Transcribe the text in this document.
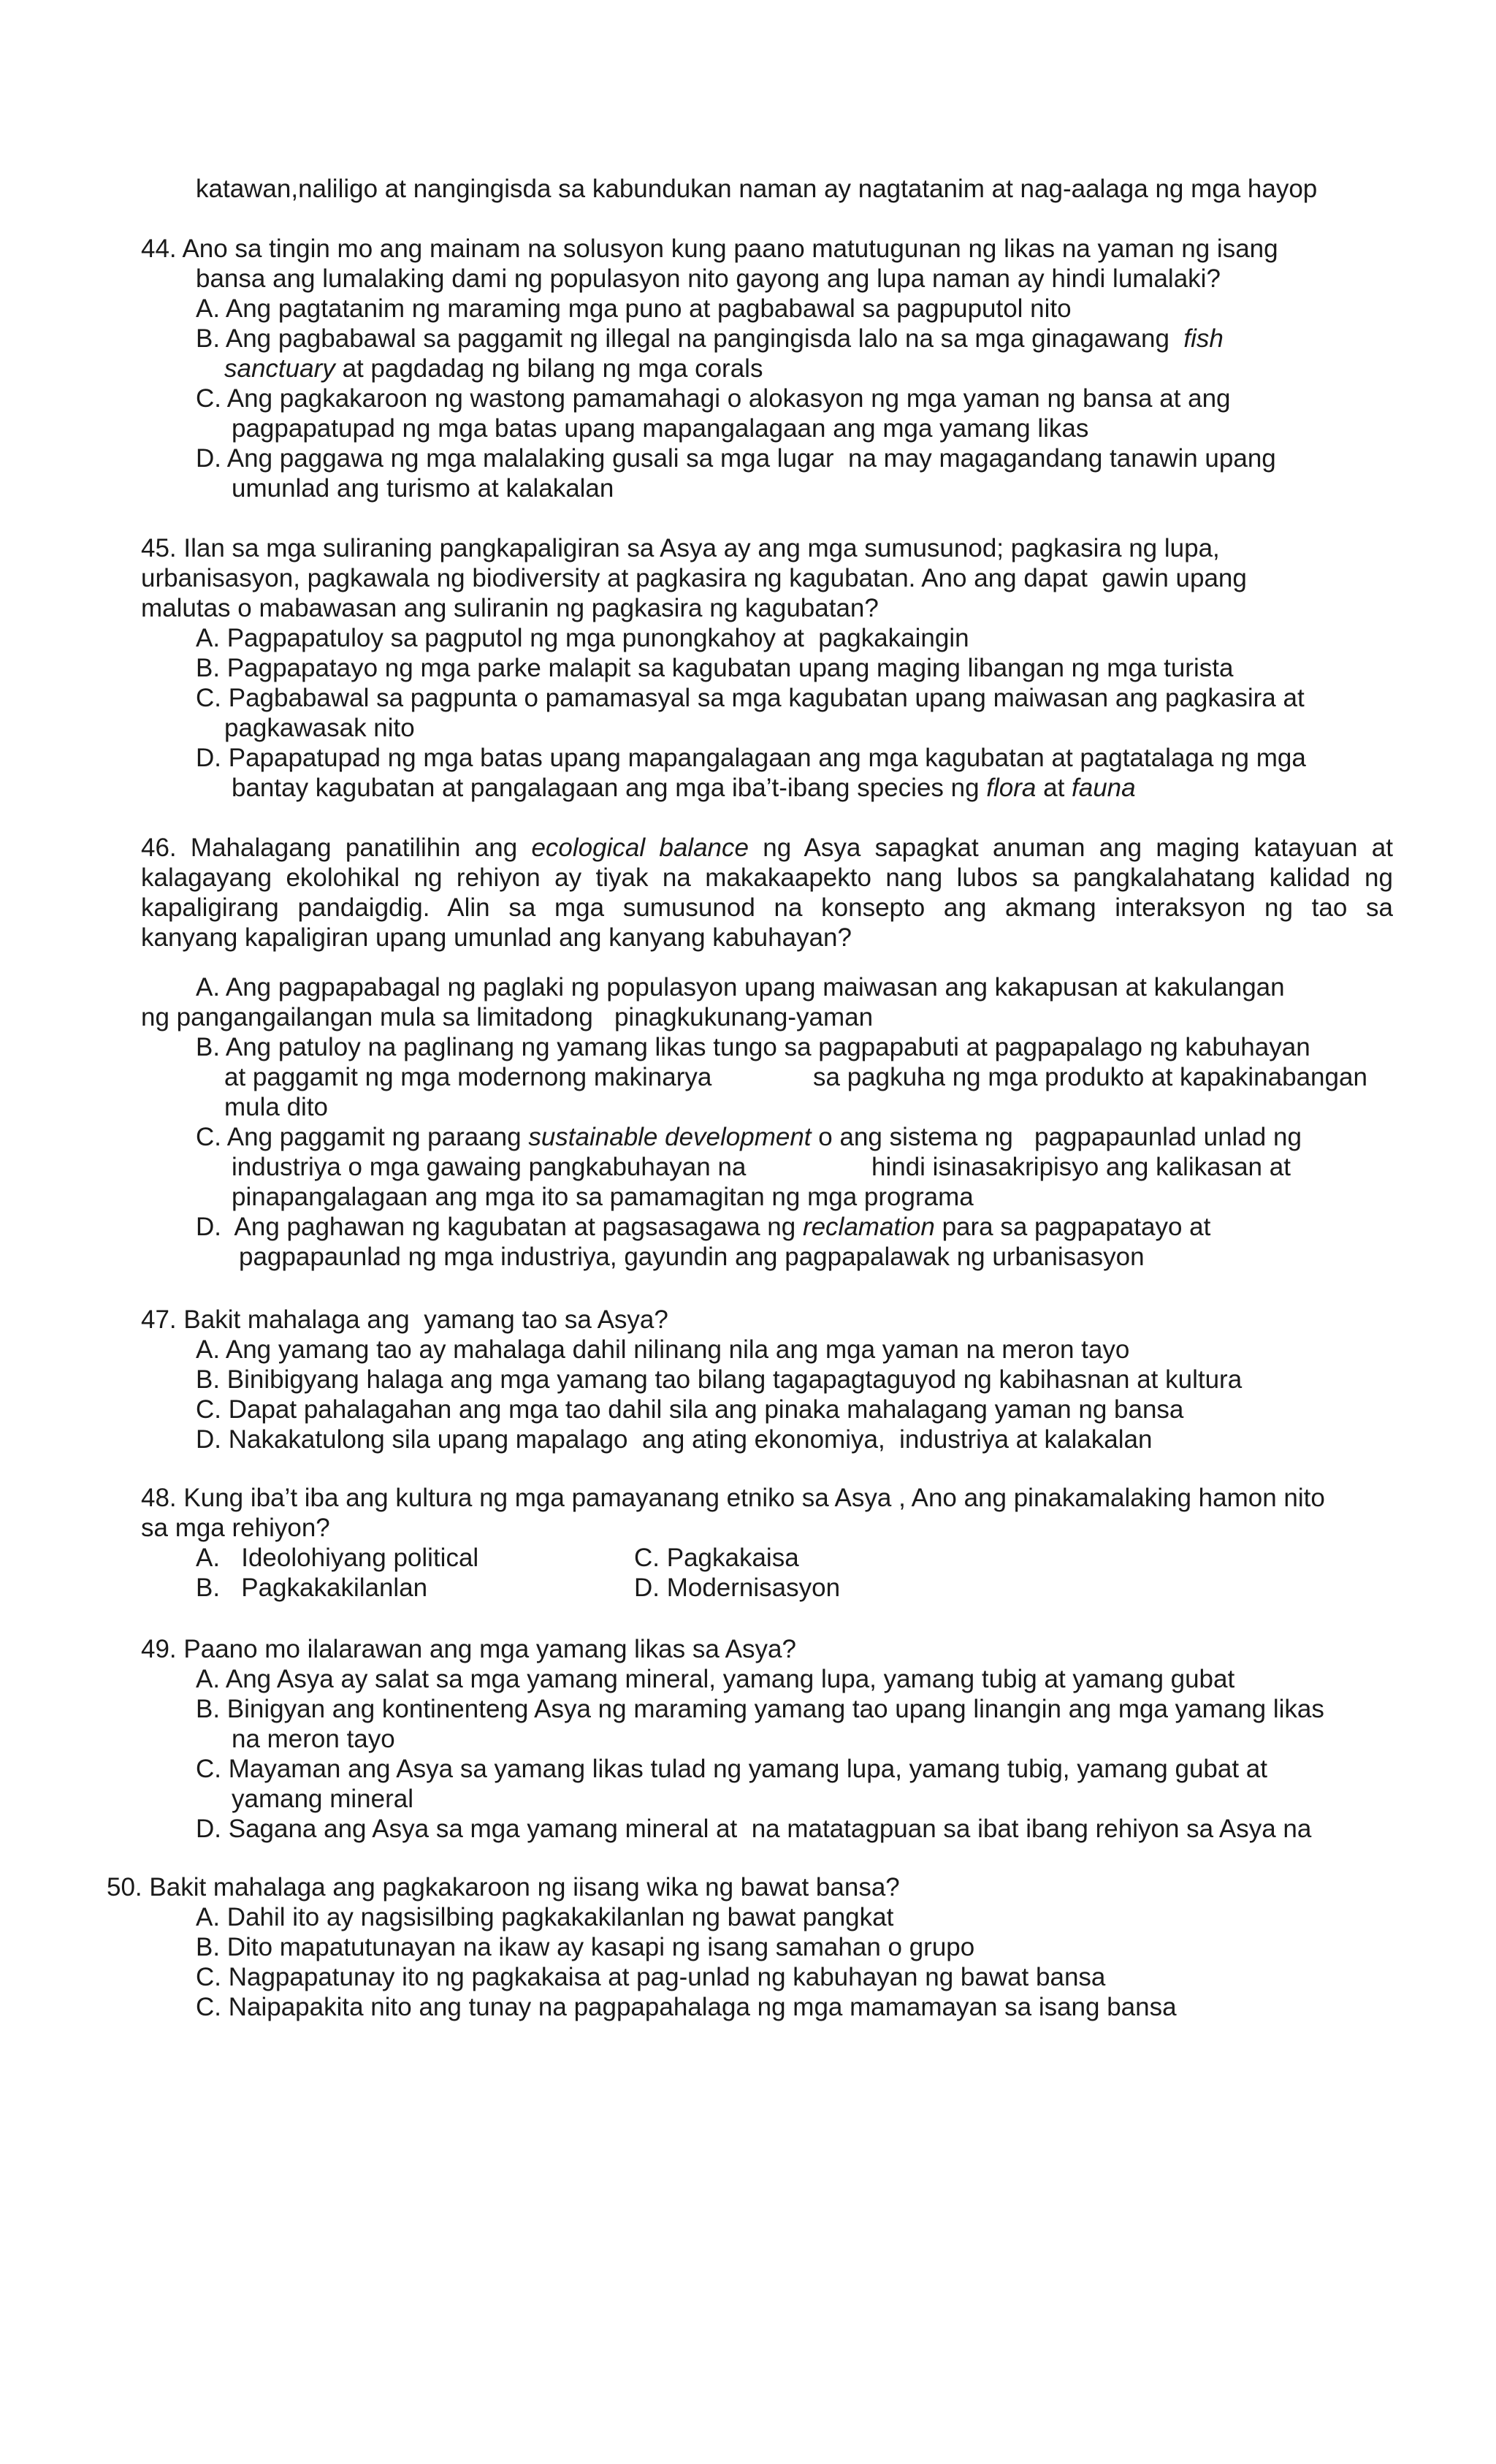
katawan,naliligo at nangingisda sa kabundukan naman ay nagtatanim at nag-aalaga ng mga hayop
44. Ano sa tingin mo ang mainam na solusyon kung paano matutugunan ng likas na yaman ng isang
bansa ang lumalaking dami ng populasyon nito gayong ang lupa naman ay hindi lumalaki?
A. Ang pagtatanim ng maraming mga puno at pagbabawal sa pagpuputol nito
B. Ang pagbabawal sa paggamit ng illegal na pangingisda lalo na sa mga ginagawang fish
sanctuary at pagdadag ng bilang ng mga corals
C. Ang pagkakaroon ng wastong pamamahagi o alokasyon ng mga yaman ng bansa at ang
pagpapatupad ng mga batas upang mapangalagaan ang mga yamang likas
D. Ang paggawa ng mga malalaking gusali sa mga lugar  na may magagandang tanawin upang
umunlad ang turismo at kalakalan
45. Ilan sa mga suliraning pangkapaligiran sa Asya ay ang mga sumusunod; pagkasira ng lupa,
urbanisasyon, pagkawala ng biodiversity at pagkasira ng kagubatan. Ano ang dapat  gawin upang
malutas o mabawasan ang suliranin ng pagkasira ng kagubatan?
A. Pagpapatuloy sa pagputol ng mga punongkahoy at  pagkakaingin
B. Pagpapatayo ng mga parke malapit sa kagubatan upang maging libangan ng mga turista
C. Pagbabawal sa pagpunta o pamamasyal sa mga kagubatan upang maiwasan ang pagkasira at
pagkawasak nito
D. Papapatupad ng mga batas upang mapangalagaan ang mga kagubatan at pagtatalaga ng mga
bantay kagubatan at pangalagaan ang mga iba’t-ibang species ng flora at fauna
46. Mahalagang panatilihin ang ecological balance ng Asya sapagkat anuman ang maging katayuan at
kalagayang ekolohikal ng rehiyon ay tiyak na makakaapekto nang lubos sa pangkalahatang kalidad ng
kapaligirang pandaigdig. Alin sa mga sumusunod na konsepto ang akmang interaksyon ng tao sa
kanyang kapaligiran upang umunlad ang kanyang kabuhayan?
A. Ang pagpapabagal ng paglaki ng populasyon upang maiwasan ang kakapusan at kakulangan
ng pangangailangan mula sa limitadong   pinagkukunang-yaman
B. Ang patuloy na paglinang ng yamang likas tungo sa pagpapabuti at pagpapalago ng kabuhayan
at paggamit ng mga modernong makinarya	sa pagkuha ng mga produkto at kapakinabangan
mula dito
C. Ang paggamit ng paraang sustainable development o ang sistema ng   pagpapaunlad unlad ng
industriya o mga gawaing pangkabuhayan na	hindi isinasakripisyo ang kalikasan at
pinapangalagaan ang mga ito sa pamamagitan ng mga programa
D.  Ang paghawan ng kagubatan at pagsasagawa ng reclamation para sa pagpapatayo at
pagpapaunlad ng mga industriya, gayundin ang pagpapalawak ng urbanisasyon
47. Bakit mahalaga ang  yamang tao sa Asya?
A. Ang yamang tao ay mahalaga dahil nilinang nila ang mga yaman na meron tayo
B. Binibigyang halaga ang mga yamang tao bilang tagapagtaguyod ng kabihasnan at kultura
C. Dapat pahalagahan ang mga tao dahil sila ang pinaka mahalagang yaman ng bansa
D. Nakakatulong sila upang mapalago  ang ating ekonomiya,  industriya at kalakalan
48. Kung iba’t iba ang kultura ng mga pamayanang etniko sa Asya , Ano ang pinakamalaking hamon nito
sa mga rehiyon?
A.   Ideolohiyang political	C. Pagkakaisa
B.   Pagkakakilanlan	D. Modernisasyon
49. Paano mo ilalarawan ang mga yamang likas sa Asya?
A. Ang Asya ay salat sa mga yamang mineral, yamang lupa, yamang tubig at yamang gubat
B. Binigyan ang kontinenteng Asya ng maraming yamang tao upang linangin ang mga yamang likas
na meron tayo
C. Mayaman ang Asya sa yamang likas tulad ng yamang lupa, yamang tubig, yamang gubat at
yamang mineral
D. Sagana ang Asya sa mga yamang mineral at  na matatagpuan sa ibat ibang rehiyon sa Asya na
50. Bakit mahalaga ang pagkakaroon ng iisang wika ng bawat bansa?
A. Dahil ito ay nagsisilbing pagkakakilanlan ng bawat pangkat
B. Dito mapatutunayan na ikaw ay kasapi ng isang samahan o grupo
C. Nagpapatunay ito ng pagkakaisa at pag-unlad ng kabuhayan ng bawat bansa
C. Naipapakita nito ang tunay na pagpapahalaga ng mga mamamayan sa isang bansa
